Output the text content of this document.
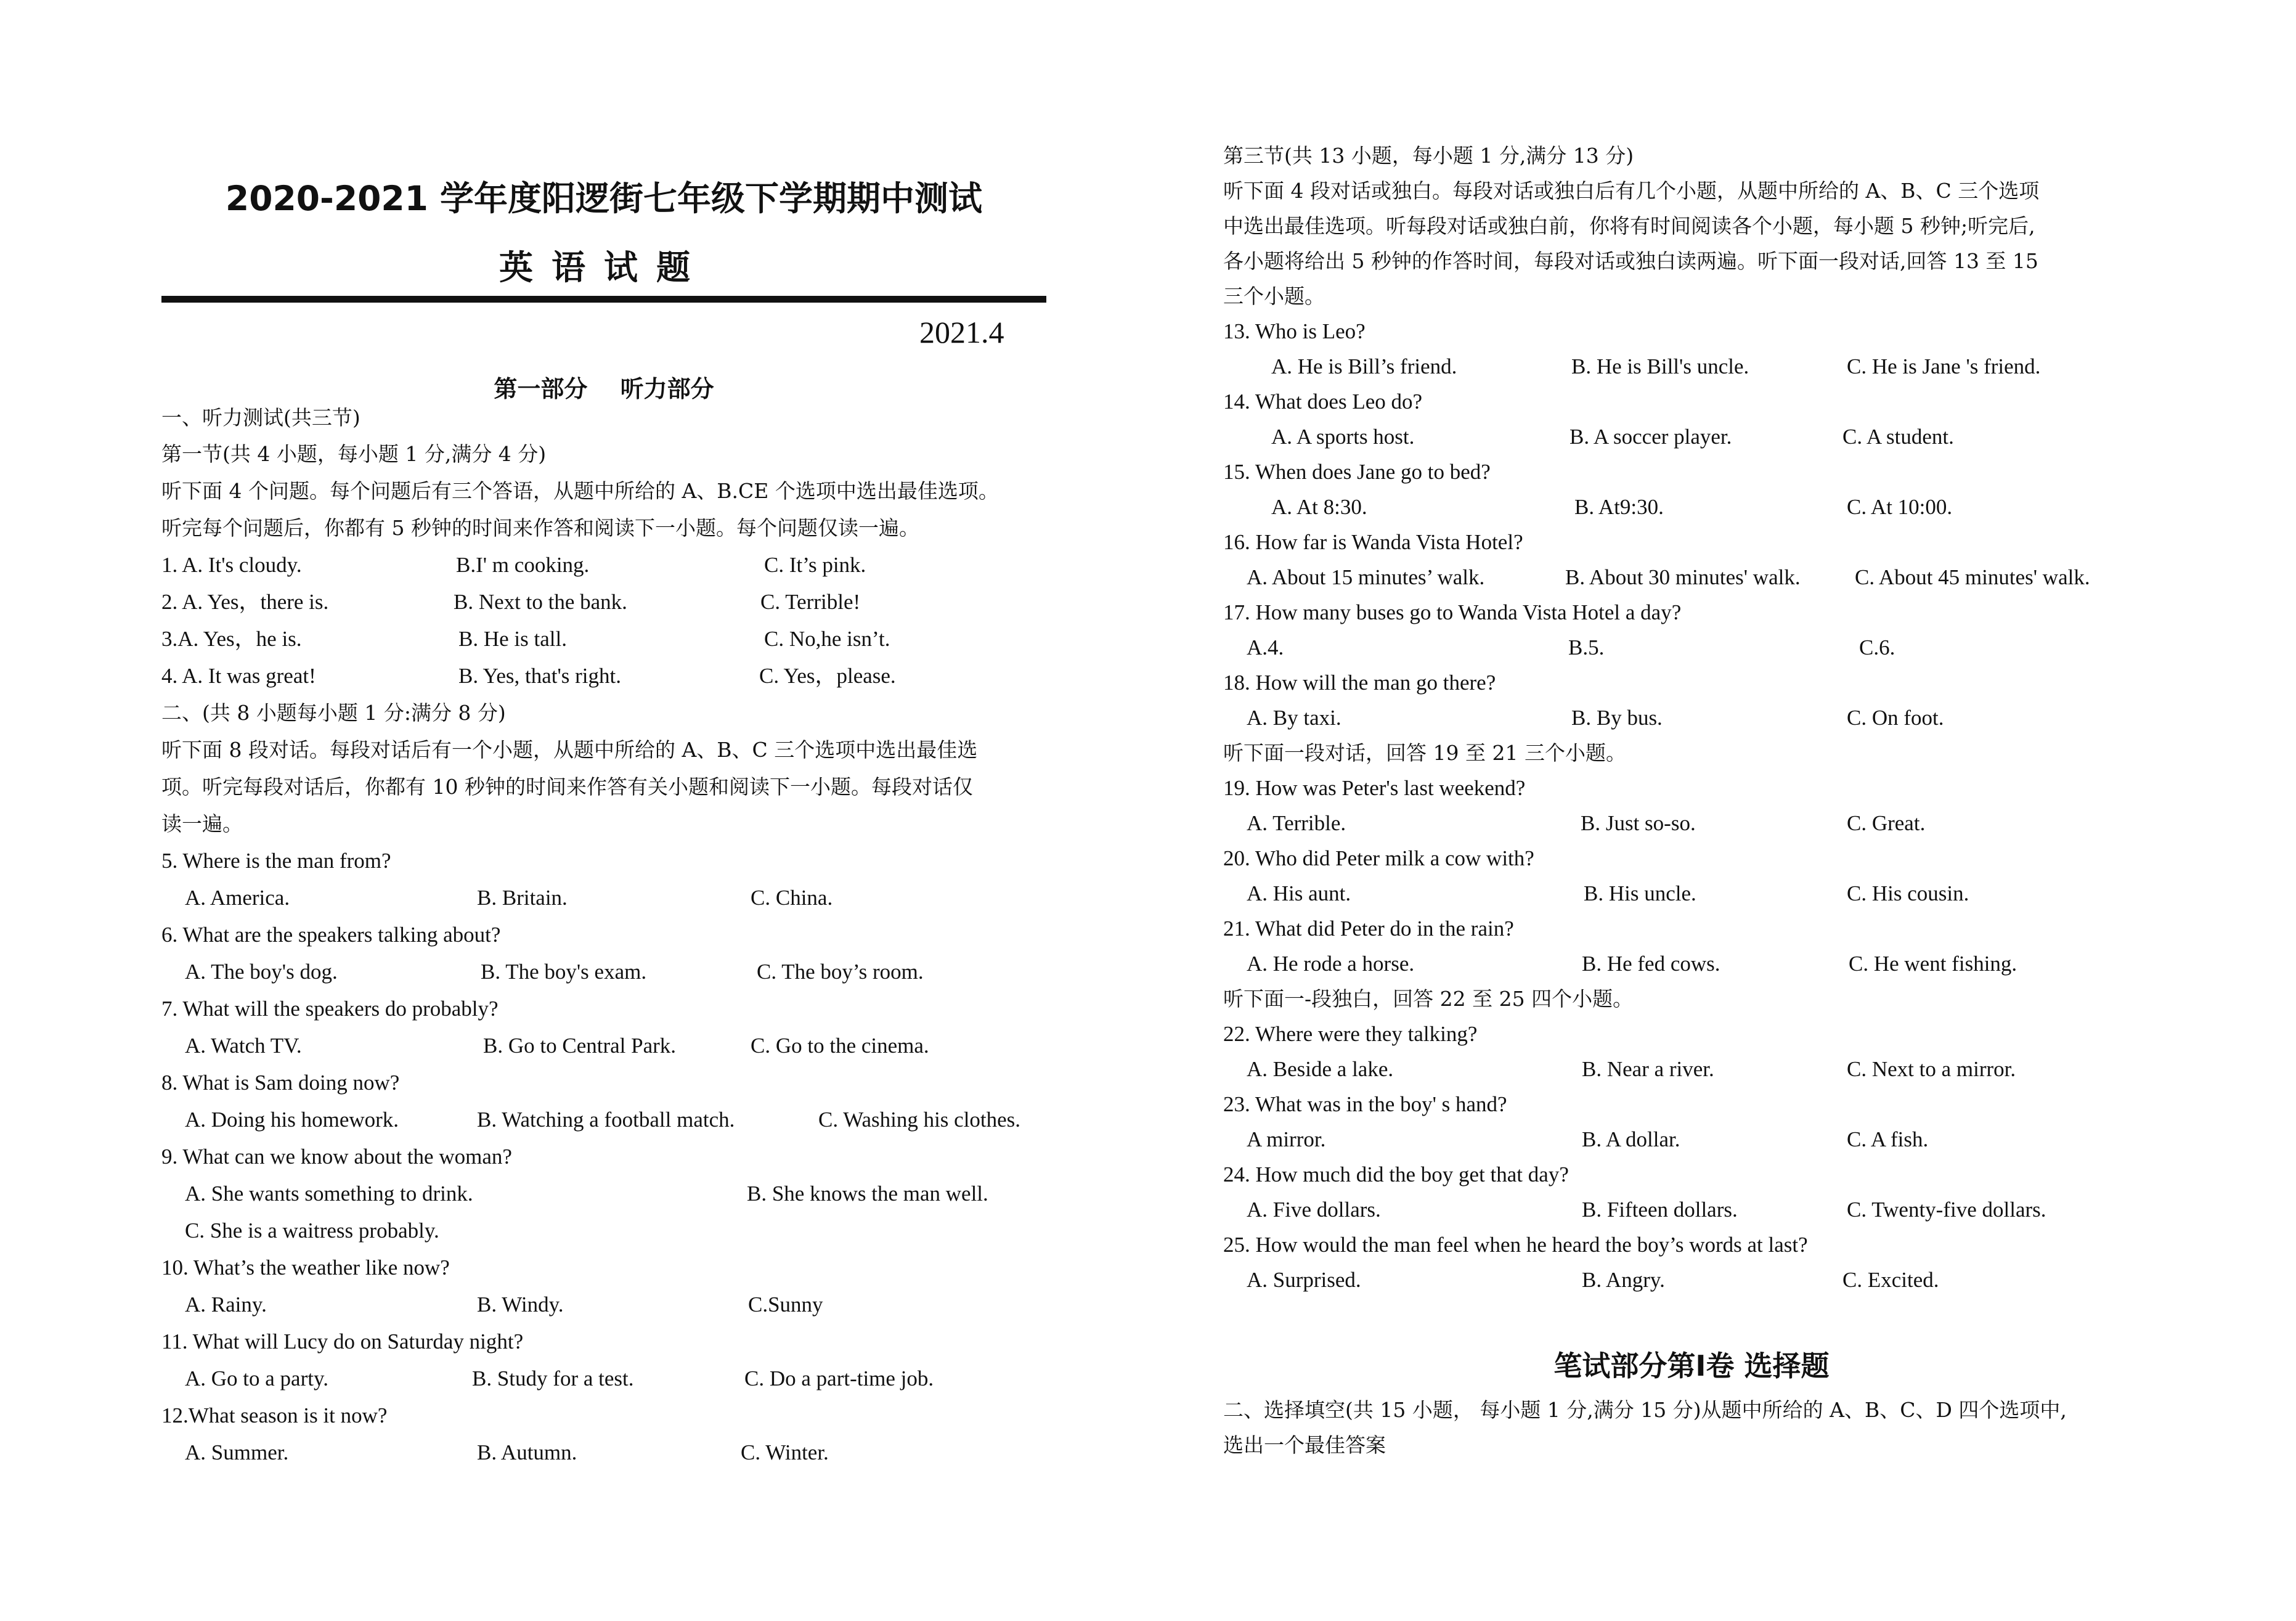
2020-2021 学年度阳逻街七年级下学期期中测试
英语试题
2021.4
第一部分 听力部分
一、听力测试(共三节)
第一节(共 4 小题，每小题 1 分,满分 4 分)
听下面 4 个问题。每个问题后有三个答语，从题中所给的 A、B.CE 个选项中选出最佳选项。
听完每个问题后，你都有 5 秒钟的时间来作答和阅读下一小题。每个问题仅读一遍。
1. A. It's cloudy.	B.I' m cooking.	C. It’s pink.
2. A. Yes，there is.	B. Next to the bank.	C. Terrible!
3.A. Yes，he is.	B. He is tall.	C. No,he isn’t.
4. A. It was great!	B. Yes, that's right.	C. Yes，please.
二、(共 8 小题每小题 1 分:满分 8 分)
听下面 8 段对话。每段对话后有一个小题，从题中所给的 A、B、C 三个选项中选出最佳选
项。听完每段对话后，你都有 10 秒钟的时间来作答有关小题和阅读下一小题。每段对话仅
读一遍。
5. Where is the man from?
A. America.	B. Britain.	C. China.
6. What are the speakers talking about?
A. The boy's dog.	B. The boy's exam.	C. The boy’s room.
7. What will the speakers do probably?
A. Watch TV.	B. Go to Central Park.	C. Go to the cinema.
8. What is Sam doing now?
A. Doing his homework.	B. Watching a football match.	C. Washing his clothes.
9. What can we know about the woman?
A. She wants something to drink.	B. She knows the man well.
C. She is a waitress probably.
10. What’s the weather like now?
A. Rainy.	B. Windy.	C.Sunny
11. What will Lucy do on Saturday night?
A. Go to a party.	B. Study for a test.	C. Do a part-time job.
12.What season is it now?
A. Summer.	B. Autumn.	C. Winter.
第三节(共 13 小题，每小题 1 分,满分 13 分)
听下面 4 段对话或独白。每段对话或独白后有几个小题，从题中所给的 A、B、C 三个选项
中选出最佳选项。听每段对话或独白前，你将有时间阅读各个小题，每小题 5 秒钟;听完后,
各小题将给出 5 秒钟的作答时间，每段对话或独白读两遍。听下面一段对话,回答 13 至 15
三个小题。
13. Who is Leo?
A. He is Bill’s friend.	B. He is Bill's uncle.	C. He is Jane 's friend.
14. What does Leo do?
A. A sports host.	B. A soccer player.	C. A student.
15. When does Jane go to bed?
A. At 8:30.	B. At9:30.	C. At 10:00.
16. How far is Wanda Vista Hotel?
A. About 15 minutes’ walk.	B. About 30 minutes' walk.	C. About 45 minutes' walk.
17. How many buses go to Wanda Vista Hotel a day?
A.4.	B.5.	C.6.
18. How will the man go there?
A. By taxi.	B. By bus.	C. On foot.
听下面一段对话，回答 19 至 21 三个小题。
19. How was Peter's last weekend?
A. Terrible.	B. Just so-so.	C. Great.
20. Who did Peter milk a cow with?
A. His aunt.	B. His uncle.	C. His cousin.
21. What did Peter do in the rain?
A. He rode a horse.	B. He fed cows.	C. He went fishing.
听下面一-段独白，回答 22 至 25 四个小题。
22. Where were they talking?
A. Beside a lake.	B. Near a river.	C. Next to a mirror.
23. What was in the boy' s hand?
A mirror.	B. A dollar.	C. A fish.
24. How much did the boy get that day?
A. Five dollars.	B. Fifteen dollars.	C. Twenty-five dollars.
25. How would the man feel when he heard the boy’s words at last?
A. Surprised.	B. Angry.	C. Excited.
笔试部分第Ⅰ卷 选择题
二、选择填空(共 15 小题， 每小题 1 分,满分 15 分)从题中所给的 A、B、C、D 四个选项中,
选出一个最佳答案
